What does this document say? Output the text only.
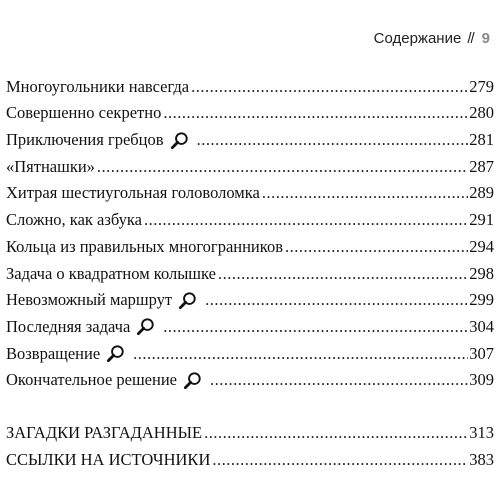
Содержание // 9
Многоугольники навсегда .....	279
Совершенно секретно .....	280
Приключения гребцов .....	281
«Пятнашки» .....	287
Хитрая шестиугольная головоломка .....	289
Сложно, как азбука .....	291
Кольца из правильных многогранников .....	294
Задача о квадратном колышке .....	298
Невозможный маршрут .....	299
Последняя задача .....	304
Возвращение .....	307
Окончательное решение .....	309
ЗАГАДКИ РАЗГАДАННЫЕ .....	313
ССЫЛКИ НА ИСТОЧНИКИ .....	383
